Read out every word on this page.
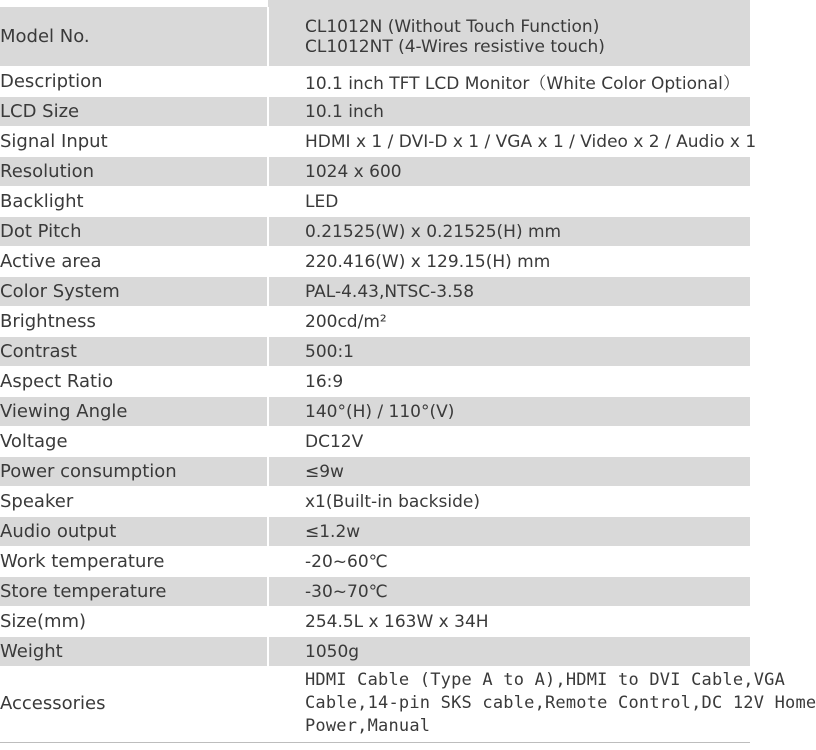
Model No.	CL1012N (Without Touch Function)
CL1012NT (4-Wires resistive touch)

Description	10.1 inch TFT LCD Monitor（White Color Optional）
LCD Size	10.1 inch
Signal Input	HDMI x 1 / DVI-D x 1 / VGA x 1 / Video x 2 / Audio x 1
Resolution	1024 x 600
Backlight	LED
Dot Pitch	0.21525(W) x 0.21525(H) mm
Active area	220.416(W) x 129.15(H) mm
Color System	PAL-4.43,NTSC-3.58
Brightness	200cd/m²
Contrast	500:1
Aspect Ratio	16:9
Viewing Angle	140°(H) / 110°(V)
Voltage	DC12V
Power consumption	≤9w
Speaker	x1(Built-in backside)
Audio output	≤1.2w
Work temperature	-20~60℃
Store temperature	-30~70℃
Size(mm)	254.5L x 163W x 34H
Weight	1050g
Accessories	HDMI Cable (Type A to A),HDMI to DVI Cable,VGA
Cable,14-pin SKS cable,Remote Control,DC 12V Home
Power,Manual
